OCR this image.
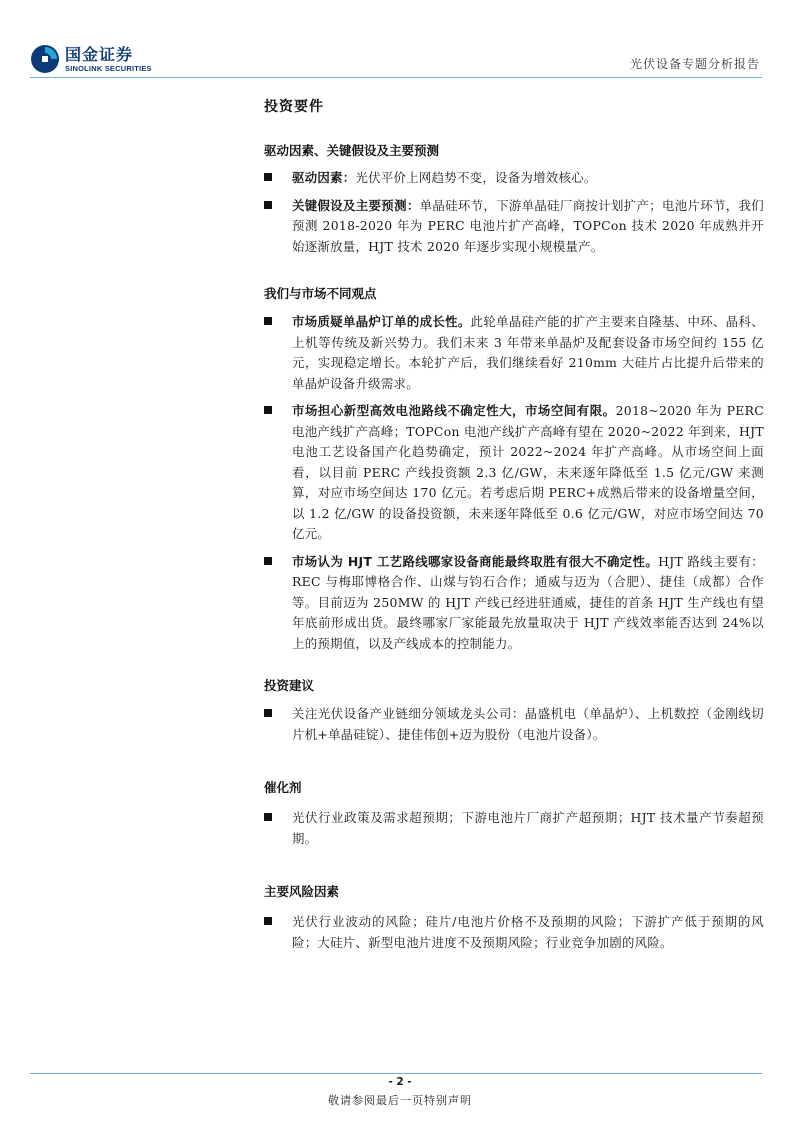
国金证券
SINOLINK SECURITIES	光伏设备专题分析报告
投资要件
驱动因素、关键假设及主要预测
驱动因素：光伏平价上网趋势不变，设备为增效核心。
关键假设及主要预测：单晶硅环节，下游单晶硅厂商按计划扩产；电池片环节，我们预测 2018-2020 年为 PERC 电池片扩产高峰，TOPCon 技术 2020 年成熟并开始逐渐放量，HJT 技术 2020 年逐步实现小规模量产。
我们与市场不同观点
市场质疑单晶炉订单的成长性。此轮单晶硅产能的扩产主要来自隆基、中环、晶科、上机等传统及新兴势力。我们未来 3 年带来单晶炉及配套设备市场空间约 155 亿元，实现稳定增长。本轮扩产后，我们继续看好 210mm 大硅片占比提升后带来的单晶炉设备升级需求。
市场担心新型高效电池路线不确定性大，市场空间有限。2018~2020 年为 PERC 电池产线扩产高峰；TOPCon 电池产线扩产高峰有望在 2020~2022 年到来，HJT 电池工艺设备国产化趋势确定，预计 2022~2024 年扩产高峰。从市场空间上面看，以目前 PERC 产线投资额 2.3 亿/GW，未来逐年降低至 1.5 亿元/GW 来测算，对应市场空间达 170 亿元。若考虑后期 PERC+成熟后带来的设备增量空间，以 1.2 亿/GW 的设备投资额，未来逐年降低至 0.6 亿元/GW，对应市场空间达 70 亿元。
市场认为 HJT 工艺路线哪家设备商能最终取胜有很大不确定性。HJT 路线主要有：REC 与梅耶博格合作、山煤与钧石合作；通威与迈为（合肥）、捷佳（成都）合作等。目前迈为 250MW 的 HJT 产线已经进驻通威，捷佳的首条 HJT 生产线也有望年底前形成出货。最终哪家厂家能最先放量取决于 HJT 产线效率能否达到 24%以上的预期值，以及产线成本的控制能力。
投资建议
关注光伏设备产业链细分领域龙头公司：晶盛机电（单晶炉）、上机数控（金刚线切片机+单晶硅锭）、捷佳伟创+迈为股份（电池片设备）。
催化剂
光伏行业政策及需求超预期；下游电池片厂商扩产超预期；HJT 技术量产节奏超预期。
主要风险因素
光伏行业波动的风险；硅片/电池片价格不及预期的风险；下游扩产低于预期的风险；大硅片、新型电池片进度不及预期风险；行业竞争加剧的风险。
- 2 -
敬请参阅最后一页特别声明
